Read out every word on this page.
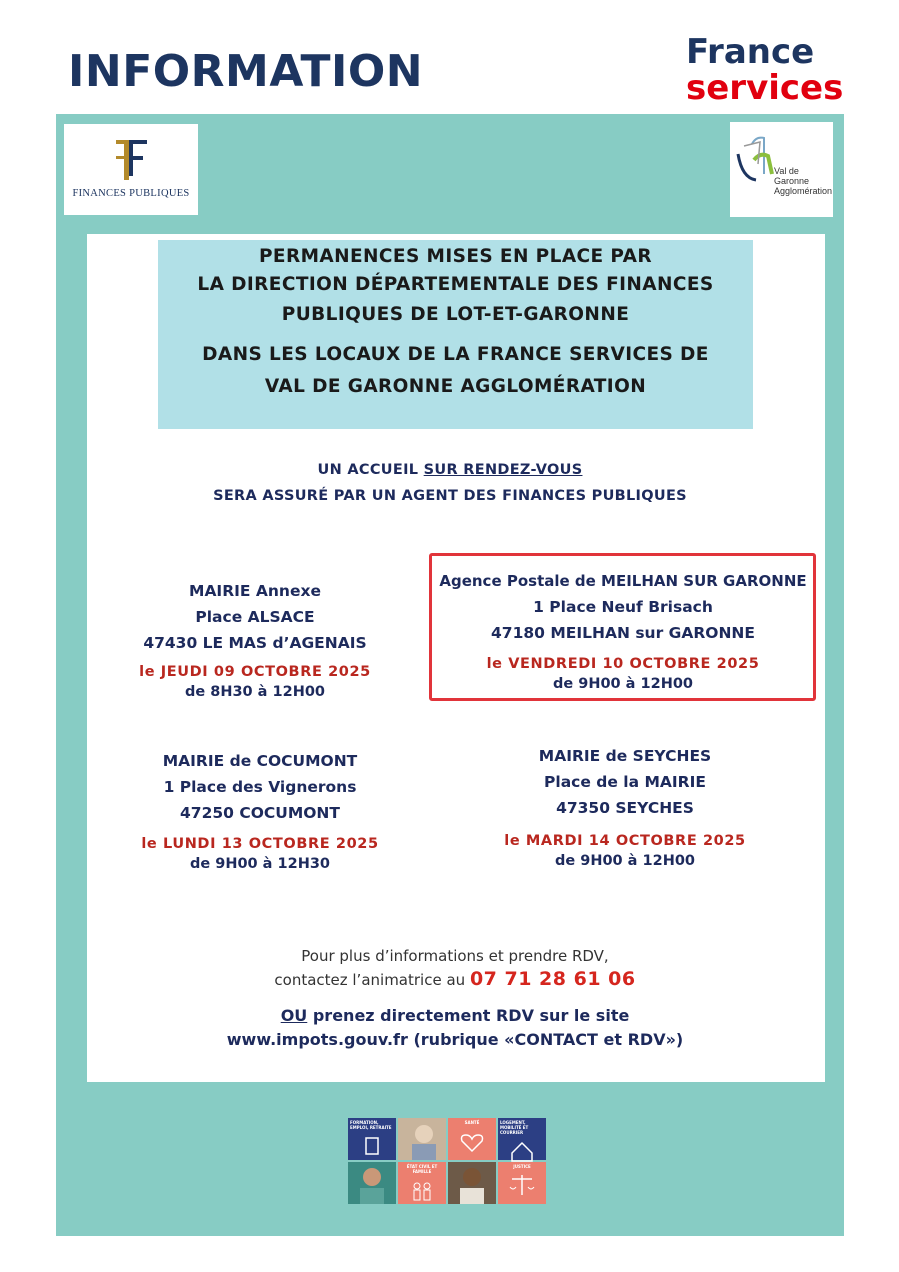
INFORMATION	France
services
FINANCES PUBLIQUES
Val de
Garonne
Agglomération
PERMANENCES MISES EN PLACE PAR
LA DIRECTION DÉPARTEMENTALE DES FINANCES
PUBLIQUES DE LOT-ET-GARONNE
DANS LES LOCAUX DE LA FRANCE SERVICES DE
VAL DE GARONNE AGGLOMÉRATION
UN ACCUEIL SUR RENDEZ-VOUS
SERA ASSURÉ PAR UN AGENT DES FINANCES PUBLIQUES
MAIRIE Annexe
Place ALSACE
47430 LE MAS d’AGENAIS
le JEUDI 09 OCTOBRE 2025
de 8H30 à 12H00
Agence Postale de MEILHAN SUR GARONNE
1 Place Neuf Brisach
47180 MEILHAN sur GARONNE
le VENDREDI 10 OCTOBRE 2025
de 9H00 à 12H00
MAIRIE de COCUMONT
1 Place des Vignerons
47250 COCUMONT
le LUNDI 13 OCTOBRE 2025
de 9H00 à 12H30
MAIRIE de SEYCHES
Place de la MAIRIE
47350 SEYCHES
le MARDI 14 OCTOBRE 2025
de 9H00 à 12H00
Pour plus d’informations et prendre RDV,
contactez l’animatrice au 07 71 28 61 06
OU prenez directement RDV sur le site
www.impots.gouv.fr (rubrique «CONTACT et RDV»)
FORMATION, EMPLOI, RETRAITE
SANTÉ	LOGEMENT, MOBILITÉ ET COURRIER
ÉTAT CIVIL ET FAMILLE
JUSTICE
